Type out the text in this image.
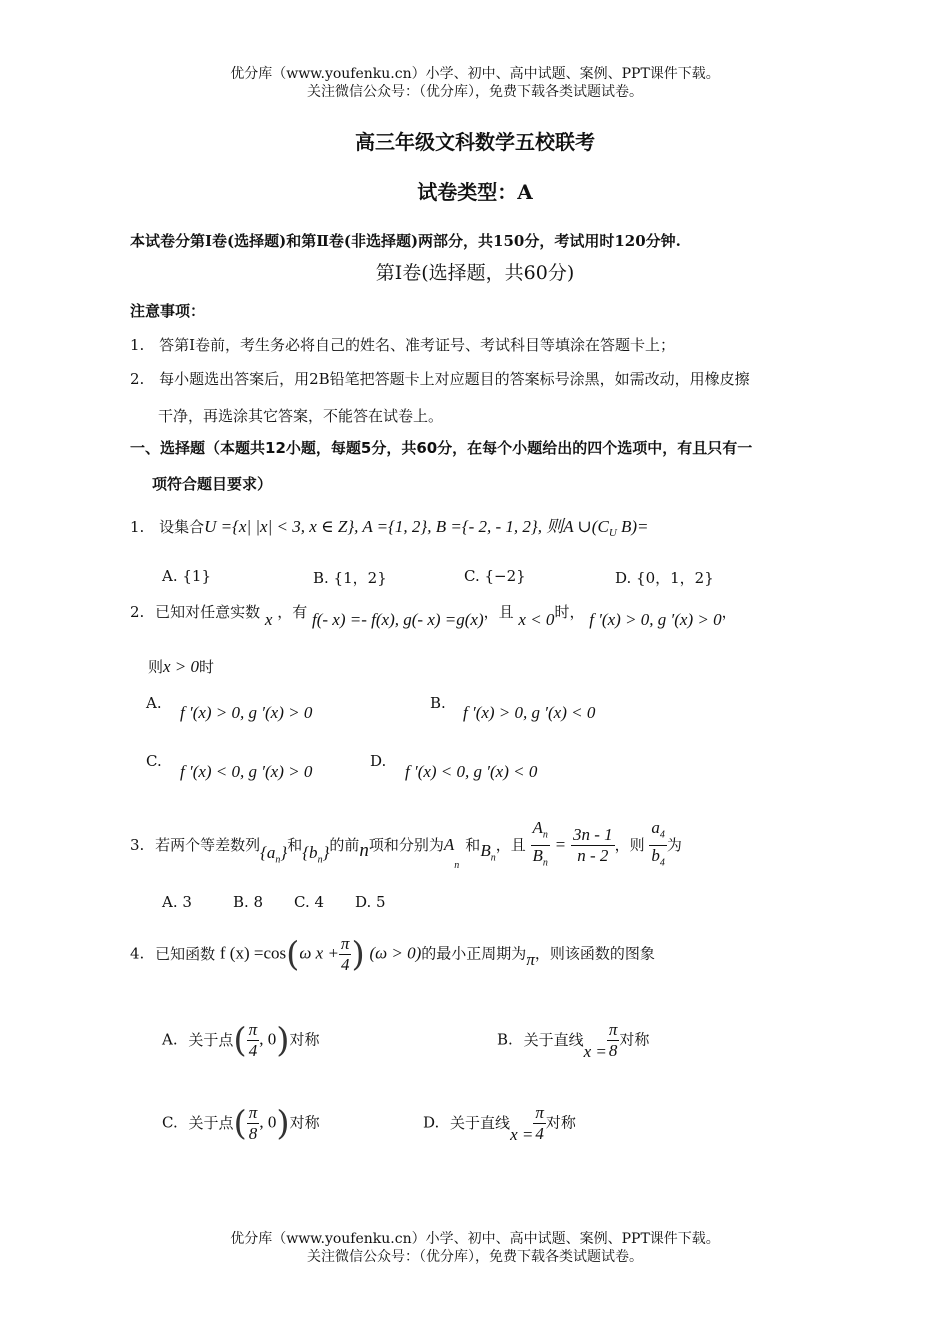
优分库（www.youfenku.cn）小学、初中、高中试题、案例、PPT课件下载。
关注微信公众号：（优分库），免费下载各类试题试卷。
高三年级文科数学五校联考
试卷类型：A
本试卷分第Ⅰ卷(选择题)和第Ⅱ卷(非选择题)两部分，共150分，考试用时120分钟.
第Ⅰ卷(选择题，共60分)
注意事项：
1. 答第Ⅰ卷前，考生务必将自己的姓名、准考证号、考试科目等填涂在答题卡上；
2. 每小题选出答案后，用2B铅笔把答题卡上对应题目的答案标号涂黑，如需改动，用橡皮擦
干净，再选涂其它答案，不能答在试卷上。
一、选择题（本题共12小题，每题5分，共60分，在每个小题给出的四个选项中，有且只有一
项符合题目要求）
1. 设集合U ={x| |x| < 3, x ∈ Z}, A ={1, 2}, B ={- 2, - 1, 2}, 则A $\cup(C_U$ B)=
A. {1}	B. {1，2}	C. {−2}	D. {0，1，2}
2. 已知对任意实数 x ，有 f(- x) =- f(x), g(- x) =g(x)，且 x < 0时， f ′(x) > 0, g ′(x) > 0，
则x > 0时
A. f ′(x) > 0, g ′(x) > 0	B. f ′(x) > 0, g ′(x) < 0
C.
f ′(x) < 0, g ′(x) > 0
D.
f ′(x) < 0, g ′(x) < 0
3. 若两个等差数列$\{a_n\}$和$\{b_n\}$的前n项和分别为$A_n$和$B_n$，且 $\frac{A_n}{B_n} = \frac{3n - 1}{n - 2}$ ，则 $\frac{a_4}{b_4}$ 为
A. 3	B. 8 C. 4 D. 5
4. 已知函数 f (x) =cos(ω $x + \frac{\pi}{4}$ ) (ω > 0)的最小正周期为π，则该函数的图象
A. 关于点( $\frac{\pi}{4}$ , 0)对称	B. 关于直线$x = \frac{\pi}{8}$ 对称
C. 关于点( $\frac{\pi}{8}$ , 0)对称	D. 关于直线$x = \frac{\pi}{4}$ 对称
优分库（www.youfenku.cn）小学、初中、高中试题、案例、PPT课件下载。
关注微信公众号：（优分库），免费下载各类试题试卷。
